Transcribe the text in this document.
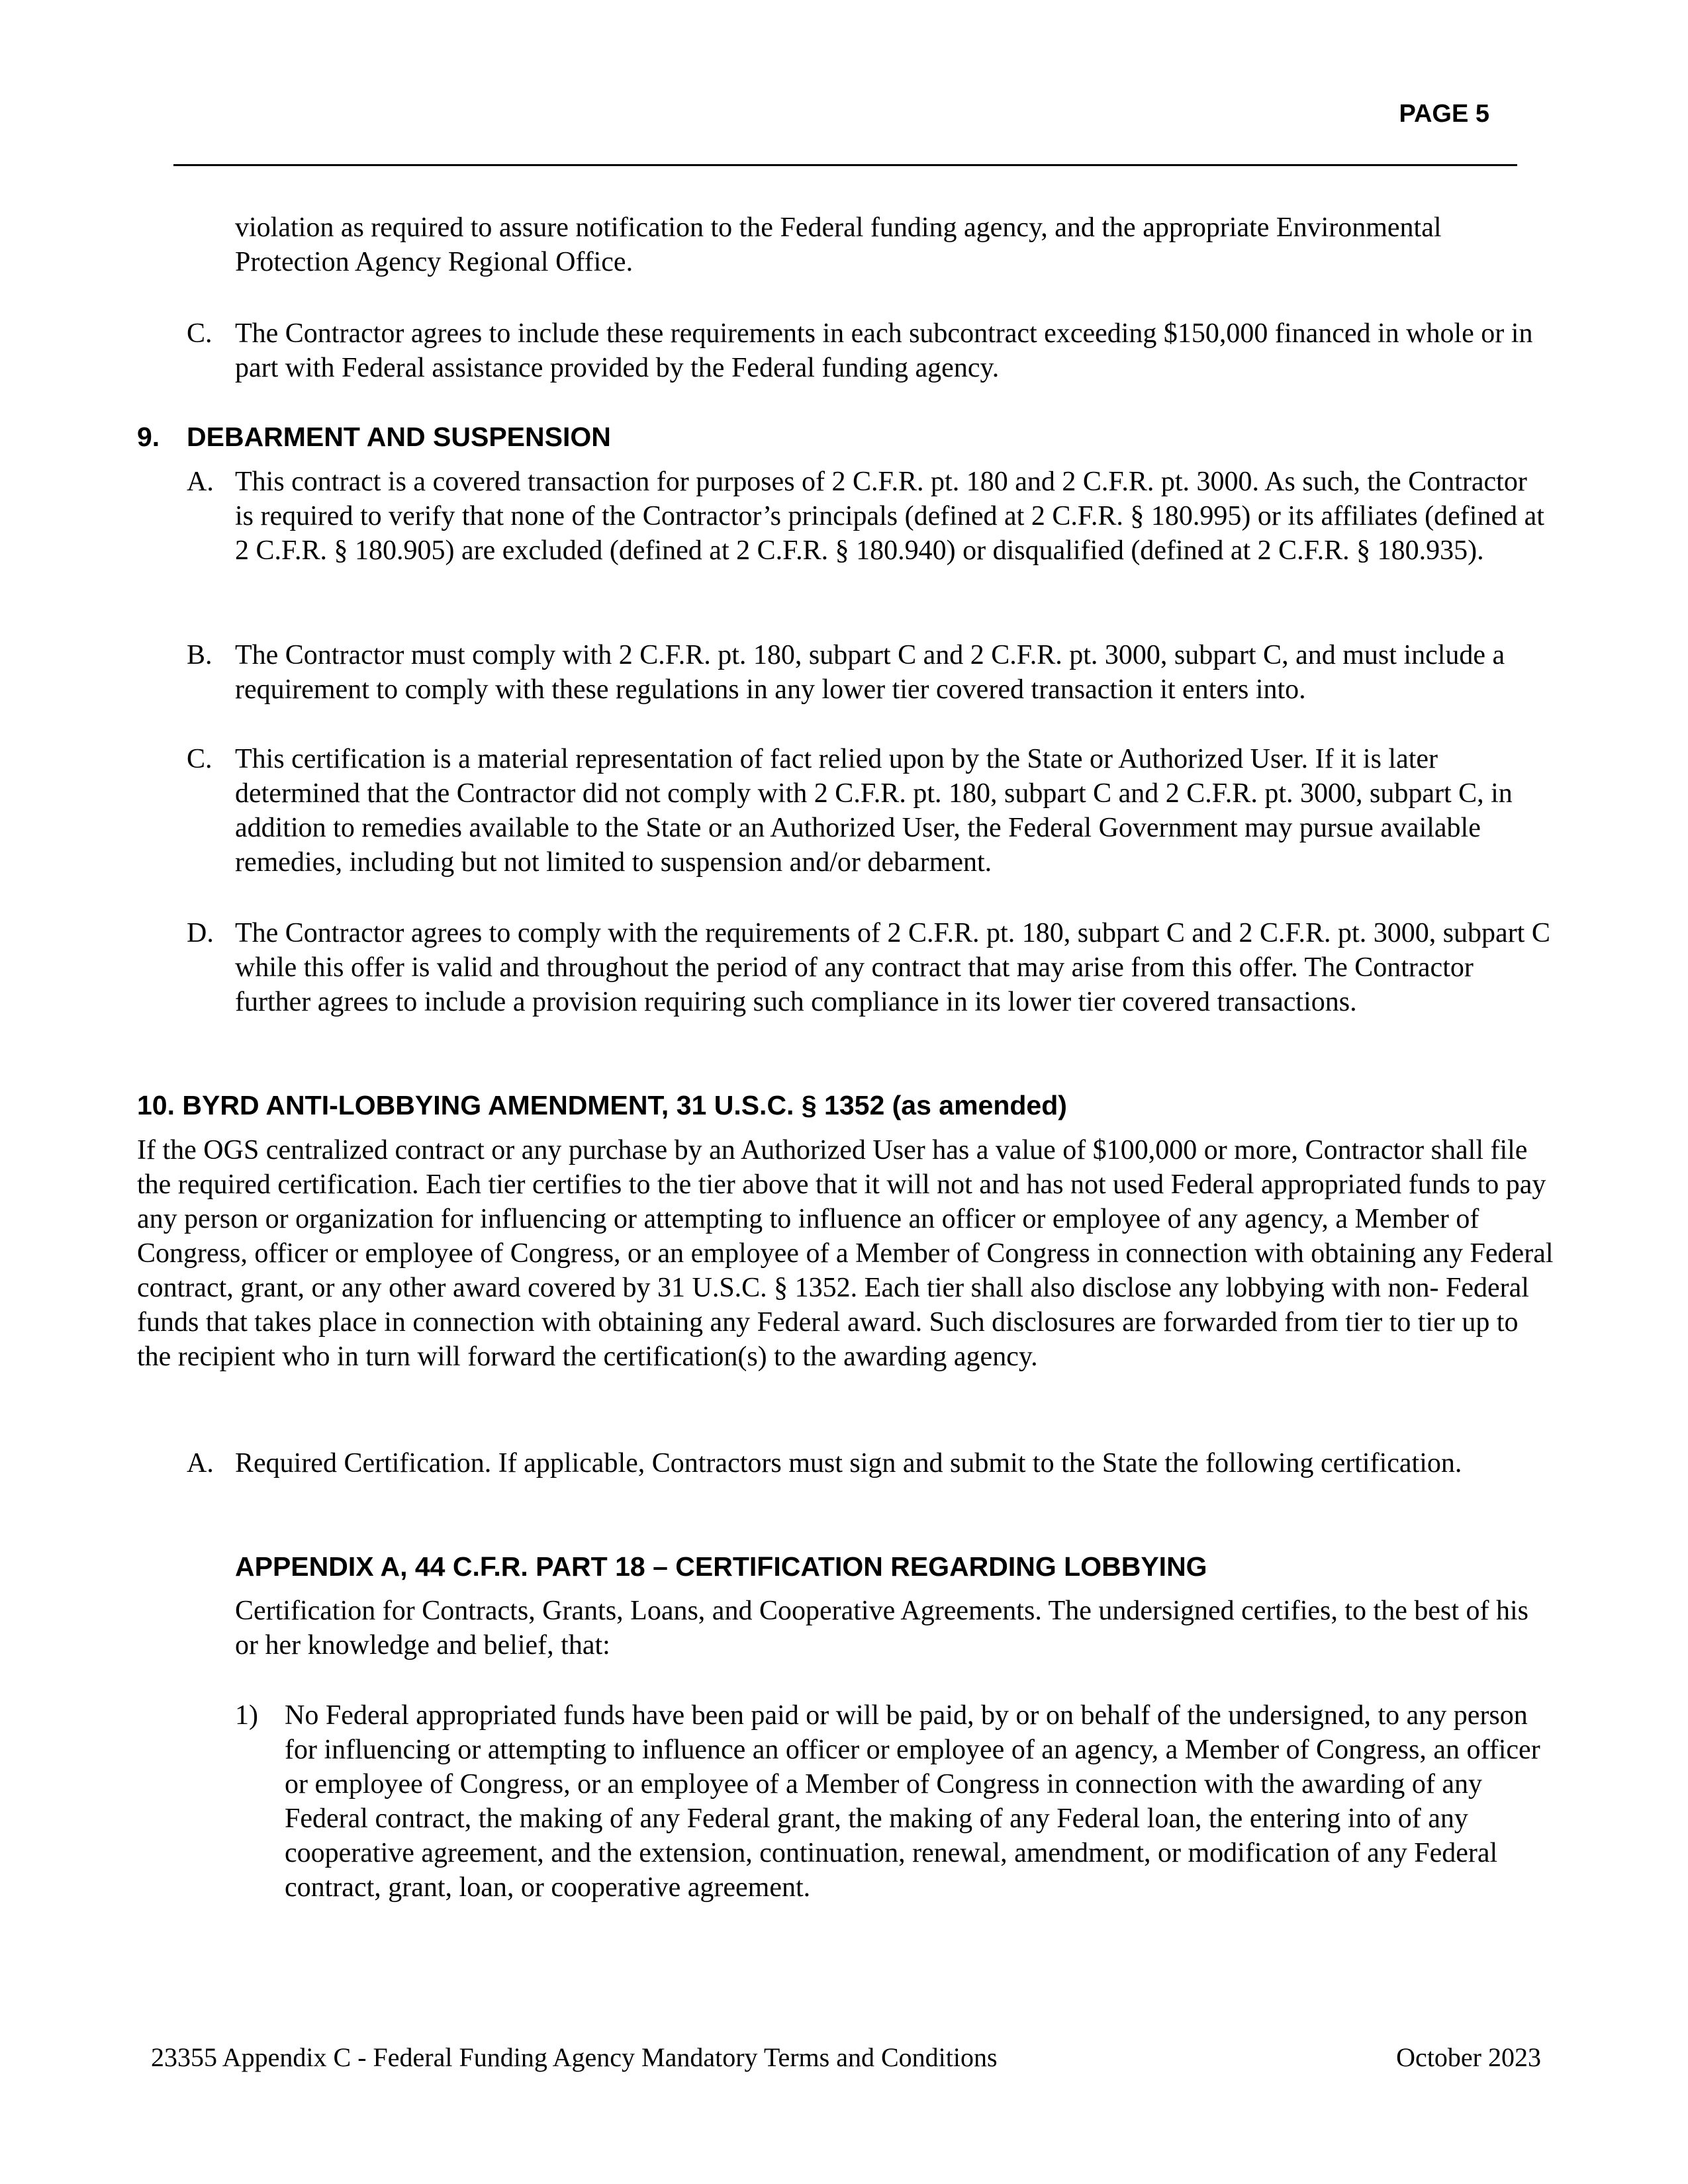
PAGE 5

violation as required to assure notification to the Federal funding agency, and the appropriate Environmental Protection Agency Regional Office.

C. The Contractor agrees to include these requirements in each subcontract exceeding $150,000 financed in whole or in part with Federal assistance provided by the Federal funding agency.
9. DEBARMENT AND SUSPENSION
A. This contract is a covered transaction for purposes of 2 C.F.R. pt. 180 and 2 C.F.R. pt. 3000. As such, the Contractor is required to verify that none of the Contractor’s principals (defined at 2 C.F.R. § 180.995) or its affiliates (defined at 2 C.F.R. § 180.905) are excluded (defined at 2 C.F.R. § 180.940) or disqualified (defined at 2 C.F.R. § 180.935).
B. The Contractor must comply with 2 C.F.R. pt. 180, subpart C and 2 C.F.R. pt. 3000, subpart C, and must include a requirement to comply with these regulations in any lower tier covered transaction it enters into.
C. This certification is a material representation of fact relied upon by the State or Authorized User. If it is later determined that the Contractor did not comply with 2 C.F.R. pt. 180, subpart C and 2 C.F.R. pt. 3000, subpart C, in addition to remedies available to the State or an Authorized User, the Federal Government may pursue available remedies, including but not limited to suspension and/or debarment.
D. The Contractor agrees to comply with the requirements of 2 C.F.R. pt. 180, subpart C and 2 C.F.R. pt. 3000, subpart C while this offer is valid and throughout the period of any contract that may arise from this offer. The Contractor further agrees to include a provision requiring such compliance in its lower tier covered transactions.
10. BYRD ANTI-LOBBYING AMENDMENT, 31 U.S.C. § 1352 (as amended)

If the OGS centralized contract or any purchase by an Authorized User has a value of $100,000 or more, Contractor shall file the required certification. Each tier certifies to the tier above that it will not and has not used Federal appropriated funds to pay any person or organization for influencing or attempting to influence an officer or employee of any agency, a Member of Congress, officer or employee of Congress, or an employee of a Member of Congress in connection with obtaining any Federal contract, grant, or any other award covered by 31 U.S.C. § 1352. Each tier shall also disclose any lobbying with non- Federal funds that takes place in connection with obtaining any Federal award. Such disclosures are forwarded from tier to tier up to the recipient who in turn will forward the certification(s) to the awarding agency.

A. Required Certification. If applicable, Contractors must sign and submit to the State the following certification.
APPENDIX A, 44 C.F.R. PART 18 – CERTIFICATION REGARDING LOBBYING

Certification for Contracts, Grants, Loans, and Cooperative Agreements. The undersigned certifies, to the best of his or her knowledge and belief, that:

1) No Federal appropriated funds have been paid or will be paid, by or on behalf of the undersigned, to any person for influencing or attempting to influence an officer or employee of an agency, a Member of Congress, an officer or employee of Congress, or an employee of a Member of Congress in connection with the awarding of any Federal contract, the making of any Federal grant, the making of any Federal loan, the entering into of any cooperative agreement, and the extension, continuation, renewal, amendment, or modification of any Federal contract, grant, loan, or cooperative agreement.
23355 Appendix C - Federal Funding Agency Mandatory Terms and Conditions	October 2023
